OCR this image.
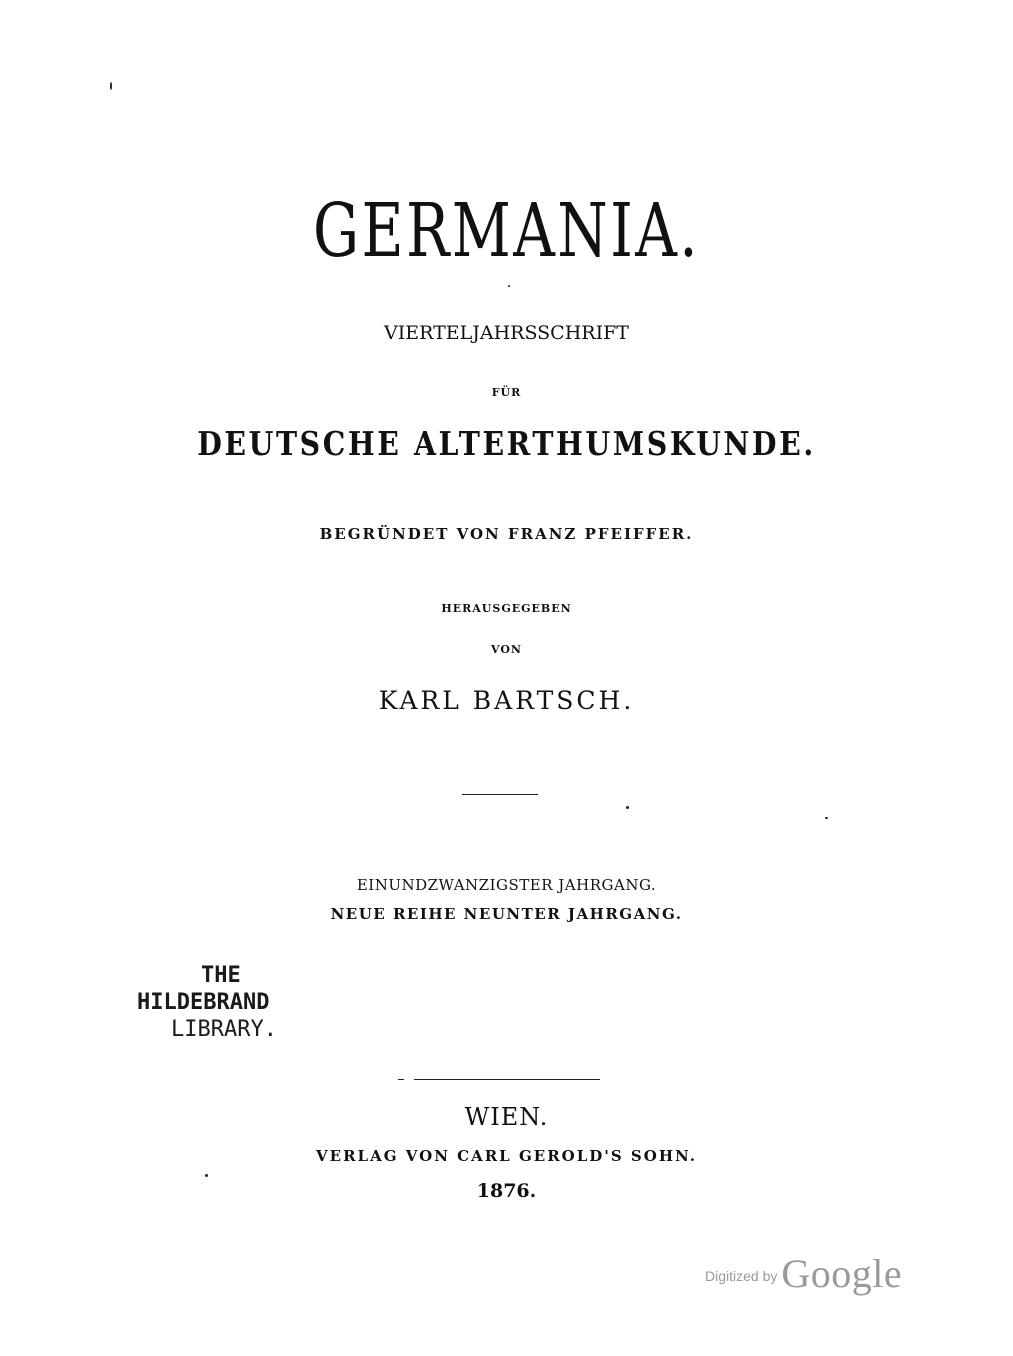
GERMANIA.
VIERTELJAHRSSCHRIFT
FÜR
DEUTSCHE ALTERTHUMSKUNDE.
BEGRÜNDET VON FRANZ PFEIFFER.
HERAUSGEGEBEN
VON
KARL BARTSCH.
EINUNDZWANZIGSTER JAHRGANG.
NEUE REIHE NEUNTER JAHRGANG.
THE
HILDEBRAND
LIBRARY.
WIEN.
VERLAG VON CARL GEROLD'S SOHN.
1876.
Digitized by Google
